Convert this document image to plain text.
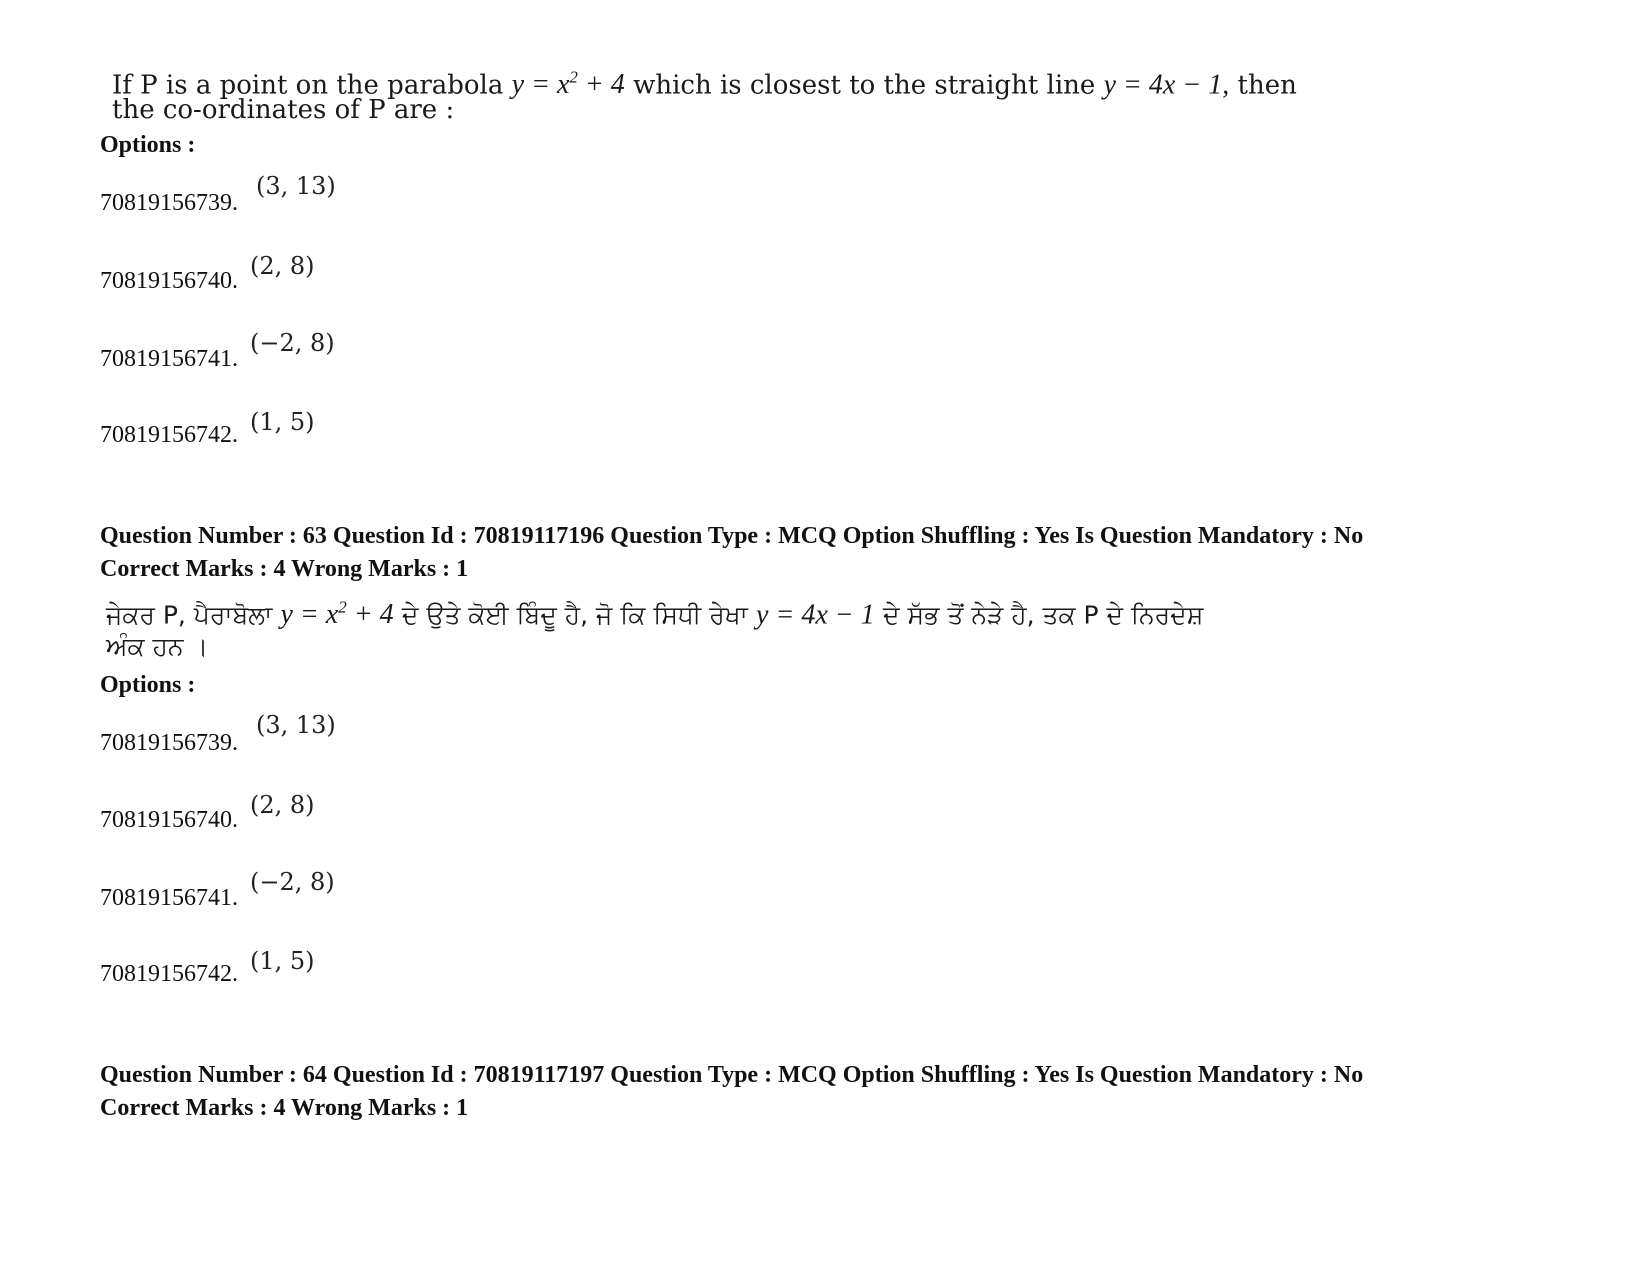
If P is a point on the parabola $y = x^2 + 4$ which is closest to the straight line y = 4x − 1, then
the co-ordinates of P are :
Options :
70819156739.
(3, 13)
70819156740.
(2, 8)
70819156741.
(−2, 8)
70819156742. (1, 5)
Question Number : 63 Question Id : 70819117196 Question Type : MCQ Option Shuffling : Yes Is Question Mandatory : No
Correct Marks : 4 Wrong Marks : 1
ਜੇਕਰ P, ਪੈਰਾਬੋਲਾ $y = x^2 + 4$ ਦੇ ਉਤੇ ਕੋਈ ਬਿੰਦੂ ਹੈ, ਜੋ ਕਿ ਸਿਧੀ ਰੇਖਾ y = 4x − 1 ਦੇ ਸੱਭ ਤੋਂ ਨੇੜੇ ਹੈ, ਤਕ P ਦੇ ਨਿਰਦੇਸ਼
ਅੰਕ ਹਨ ।
Options :
70819156739.
(3, 13)
70819156740.
(2, 8)
70819156741.
(−2, 8)
70819156742. (1, 5)
Question Number : 64 Question Id : 70819117197 Question Type : MCQ Option Shuffling : Yes Is Question Mandatory : No
Correct Marks : 4 Wrong Marks : 1
